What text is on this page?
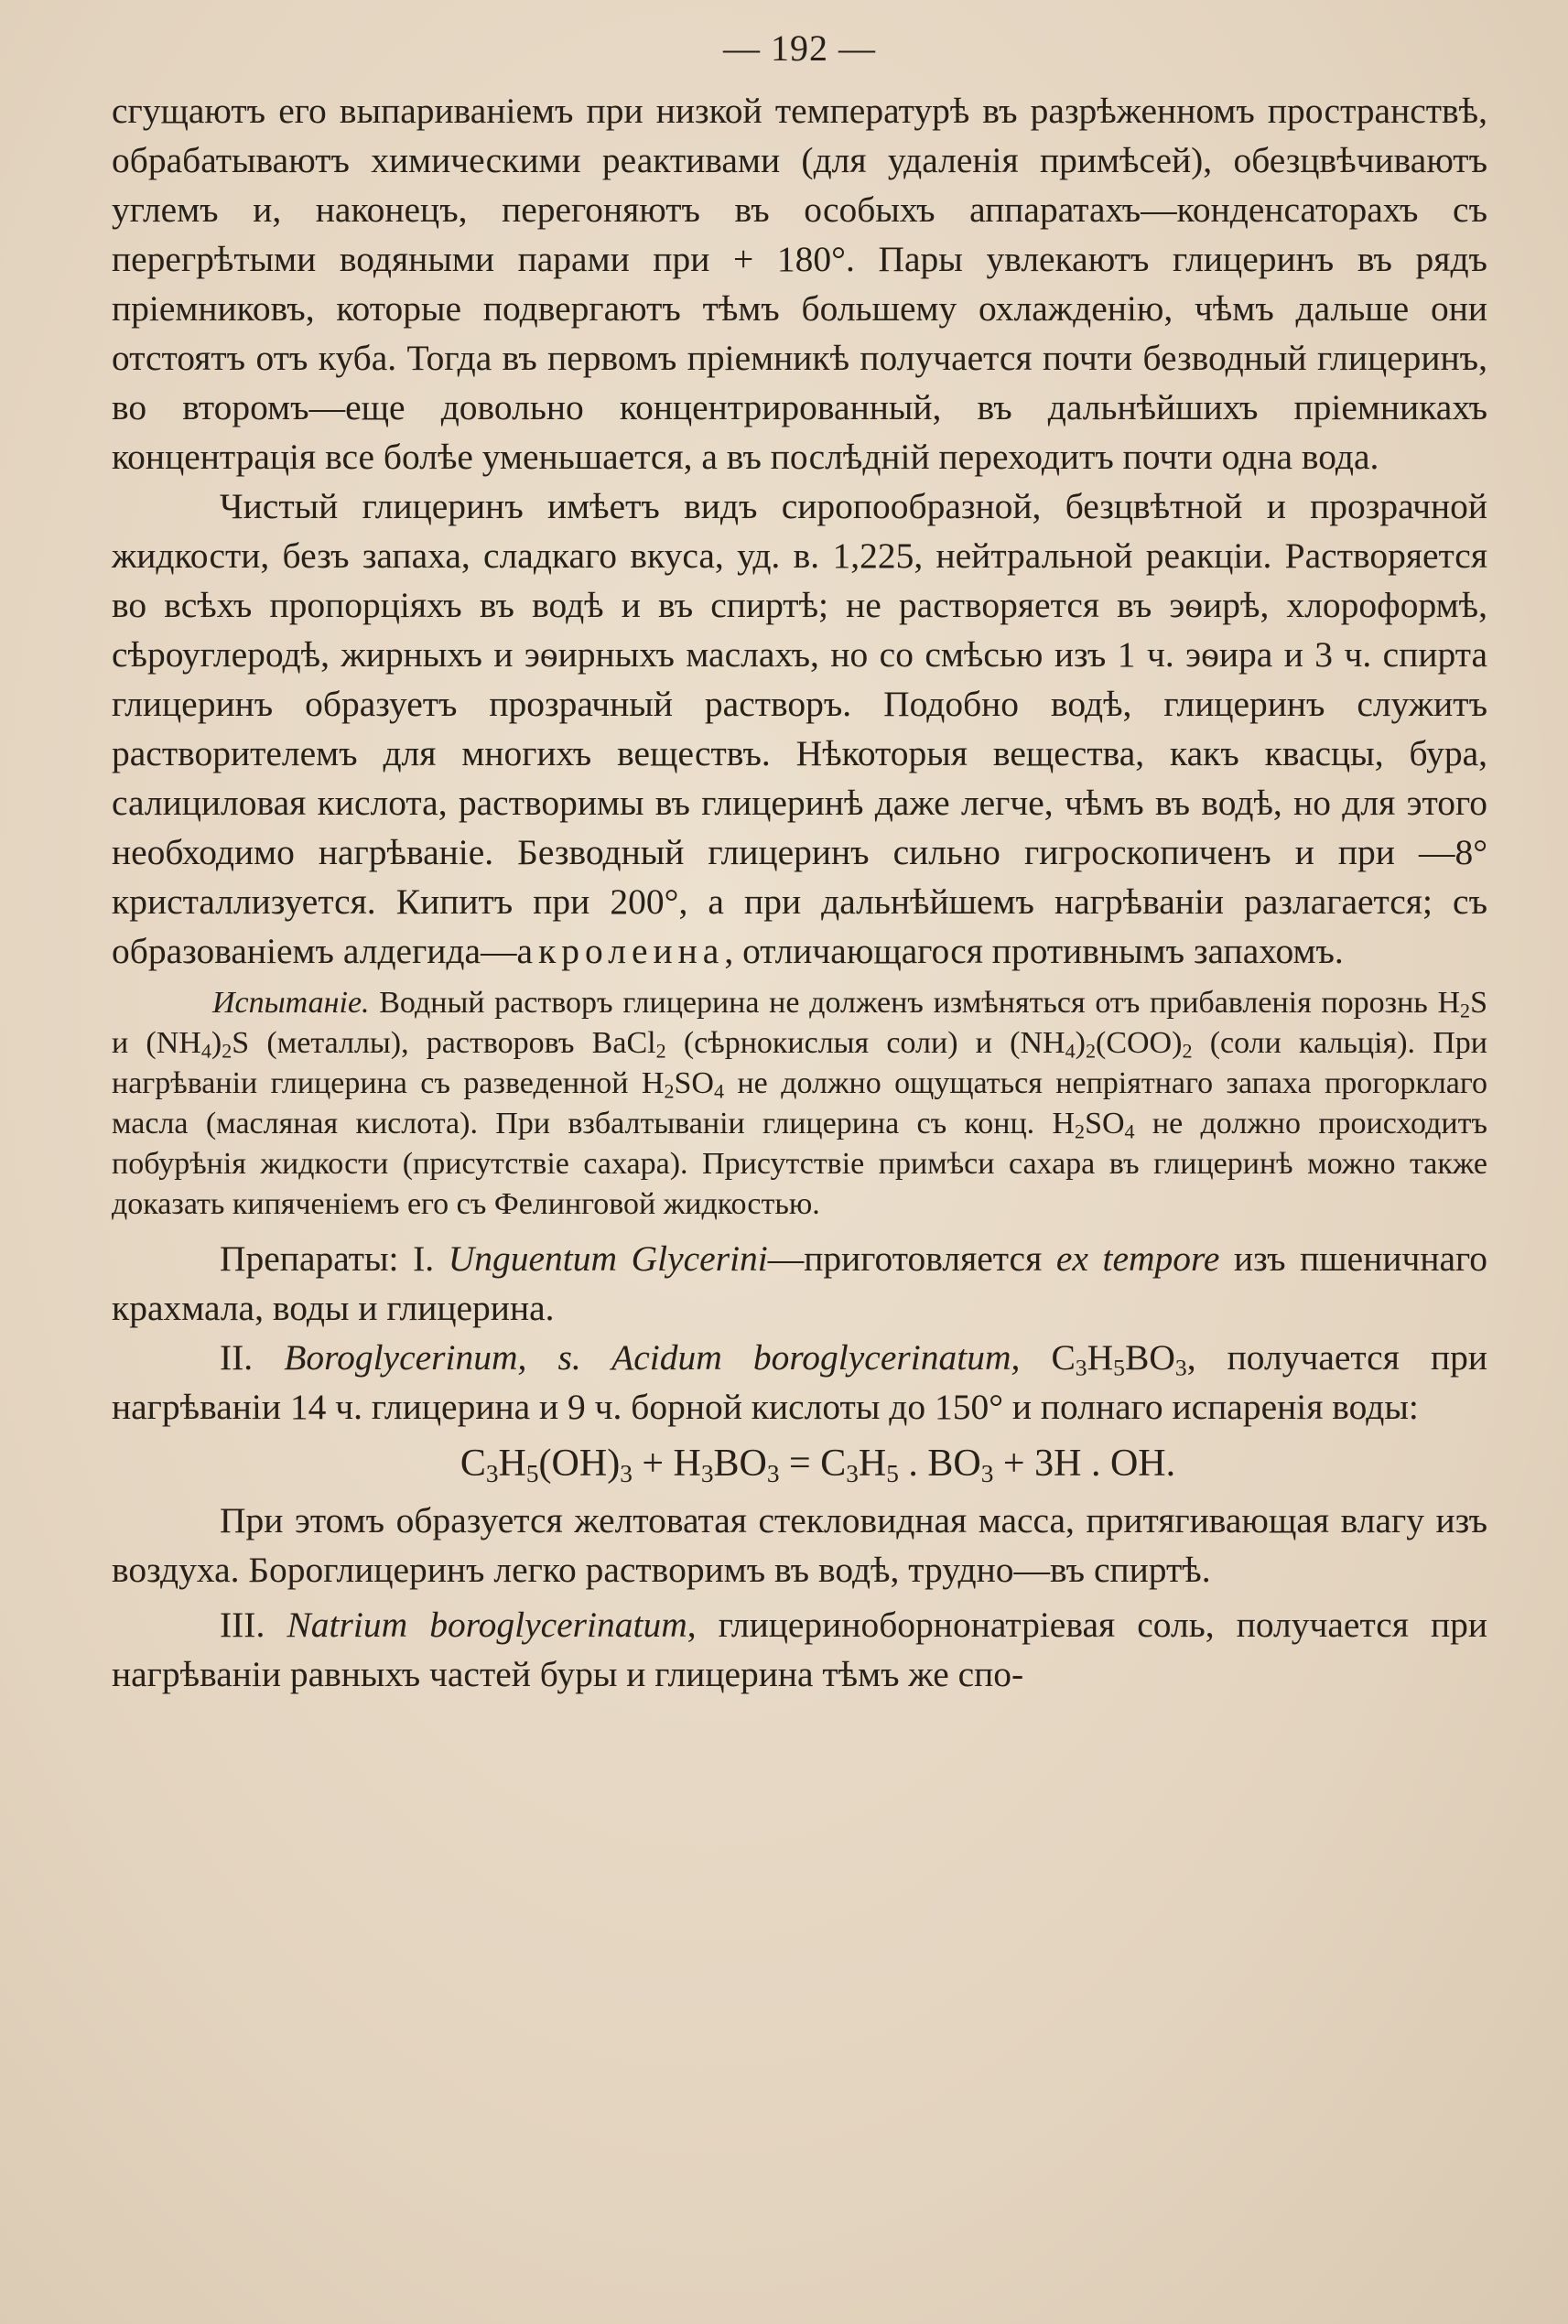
— 192 —

сгущаютъ его выпариваніемъ при низкой температурѣ въ разрѣженномъ пространствѣ, обрабатываютъ химическими реактивами (для удаленія примѣсей), обезцвѣчиваютъ углемъ и, наконецъ, перегоняютъ въ особыхъ аппаратахъ—конденсаторахъ съ перегрѣтыми водяными парами при + 180°. Пары увлекаютъ глицеринъ въ рядъ пріемниковъ, которые подвергаютъ тѣмъ большему охлажденію, чѣмъ дальше они отстоятъ отъ куба. Тогда въ первомъ пріемникѣ получается почти безводный глицеринъ, во второмъ—еще довольно концентрированный, въ дальнѣйшихъ пріемникахъ концентрація все болѣе уменьшается, а въ послѣдній переходитъ почти одна вода.

Чистый глицеринъ имѣетъ видъ сиропообразной, безцвѣтной и прозрачной жидкости, безъ запаха, сладкаго вкуса, уд. в. 1,225, нейтральной реакціи. Растворяется во всѣхъ пропорціяхъ въ водѣ и въ спиртѣ; не растворяется въ эѳирѣ, хлороформѣ, сѣроуглеродѣ, жирныхъ и эѳирныхъ маслахъ, но со смѣсью изъ 1 ч. эѳира и 3 ч. спирта глицеринъ образуетъ прозрачный растворъ. Подобно водѣ, глицеринъ служитъ растворителемъ для многихъ веществъ. Нѣкоторыя вещества, какъ квасцы, бура, салициловая кислота, растворимы въ глицеринѣ даже легче, чѣмъ въ водѣ, но для этого необходимо нагрѣваніе. Безводный глицеринъ сильно гигроскопиченъ и при —8° кристаллизуется. Кипитъ при 200°, а при дальнѣйшемъ нагрѣваніи разлагается; съ образованіемъ алдегида—акролеина, отличающагося противнымъ запахомъ.

Испытаніе. Водный растворъ глицерина не долженъ измѣняться отъ прибавленія порознь $H_2S$ и $(NH_4)_2S$ (металлы), растворовъ BaCl$_2$ (сѣрнокислыя соли) и $(NH_4)_2(COO)_2$ (соли кальція). При нагрѣваніи глицерина съ разведенной $H_2SO_4$ не должно ощущаться непріятнаго запаха прогорклаго масла (масляная кислота). При взбалтываніи глицерина съ конц. $H_2SO_4$ не должно происходитъ побурѣнія жидкости (присутствіе сахара). Присутствіе примѣси сахара въ глицеринѣ можно также доказать кипяченіемъ его съ Фелинговой жидкостью.

Препараты: I. Unguentum Glycerini—приготовляется ex tempore изъ пшеничнаго крахмала, воды и глицерина.

II. Boroglycerinum, s. Acidum boroglycerinatum, $C_3H_5BO_3$, получается при нагрѣваніи 14 ч. глицерина и 9 ч. борной кислоты до 150° и полнаго испаренія воды:

$C_3H_5(OH)_3 + H_3BO_3 = C_3H_5$ . $BO_3 + 3H$ . OH.

При этомъ образуется желтоватая стекловидная масса, притягивающая влагу изъ воздуха. Бороглицеринъ легко растворимъ въ водѣ, трудно—въ спиртѣ.

III. Natrium boroglycerinatum, глицериноборнонатріевая соль, получается при нагрѣваніи равныхъ частей буры и глицерина тѣмъ же спо-
